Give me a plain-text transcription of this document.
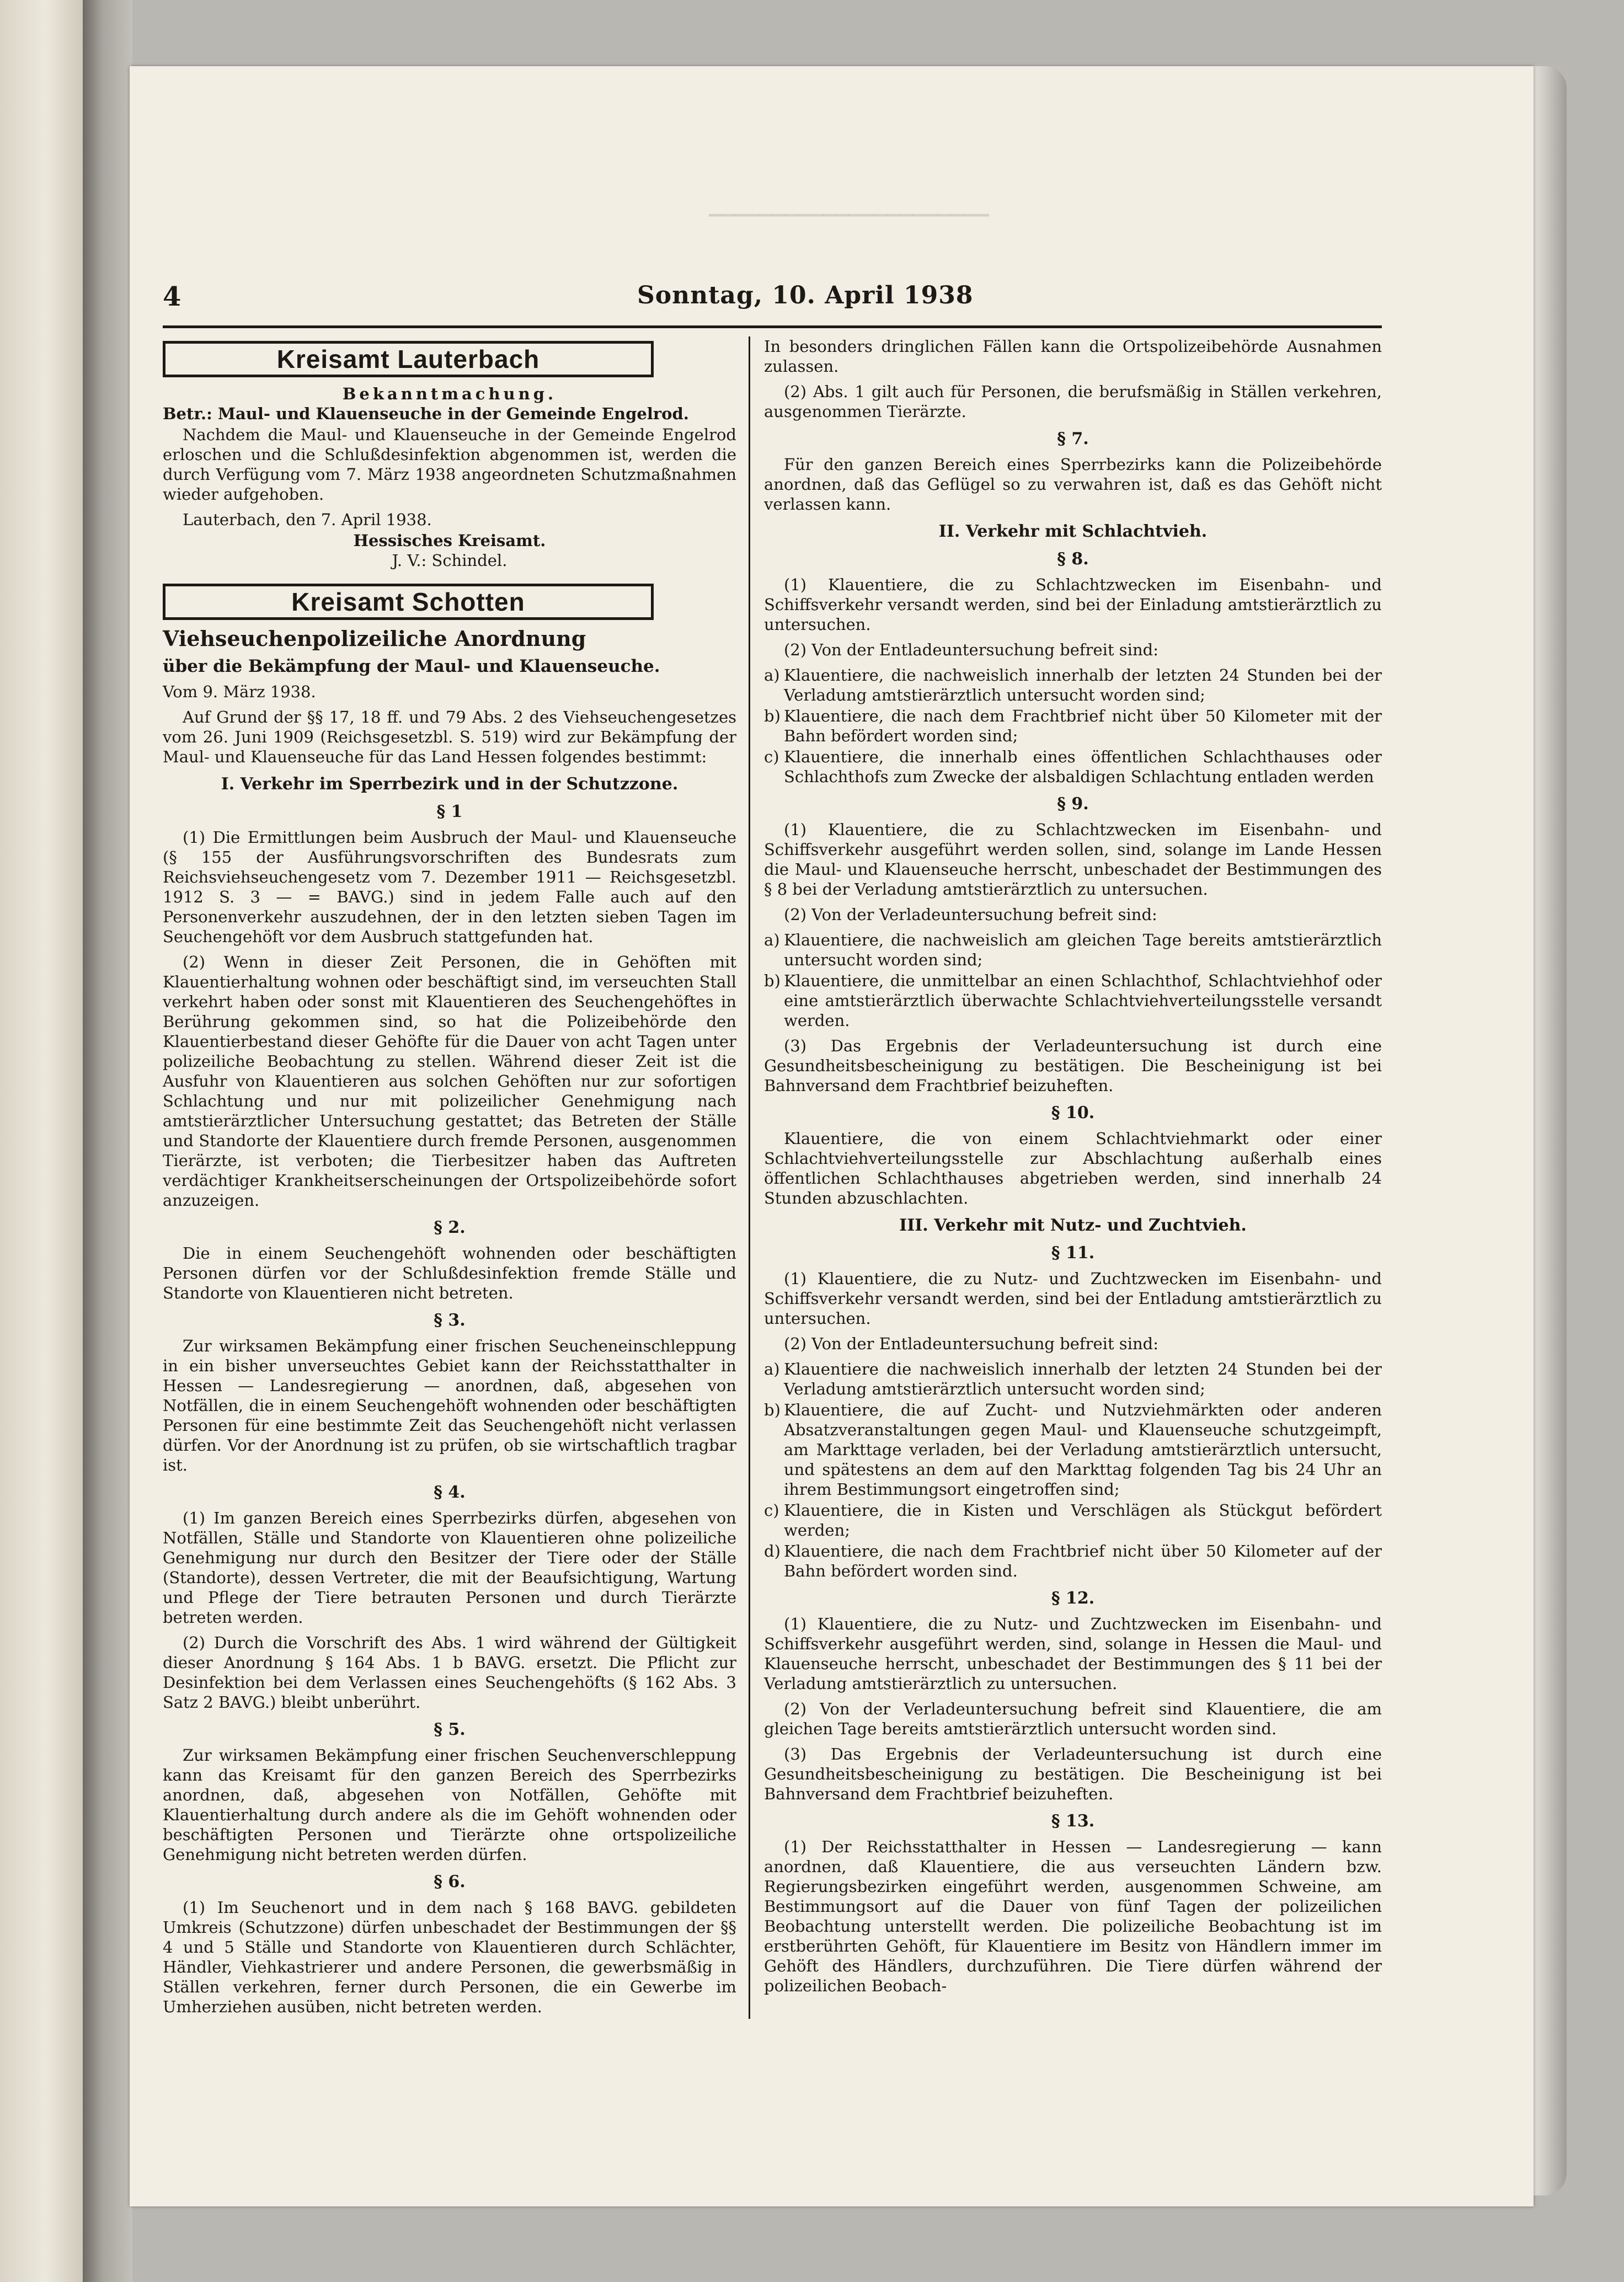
▁▁▁▁▁▁▁▁▁▁▁▁▁▁▁▁▁▁▁▁▁▁
4	Sonntag, 10. April 1938
Kreisamt Lauterbach
Bekanntmachung.
Betr.: Maul- und Klauenseuche in der Gemeinde Engelrod.
Nachdem die Maul- und Klauenseuche in der Gemeinde Engelrod erloschen und die Schlußdesinfektion abgenommen ist, werden die durch Verfügung vom 7. März 1938 angeordneten Schutzmaßnahmen wieder aufgehoben.
Lauterbach, den 7. April 1938.
Hessisches Kreisamt.
J. V.: Schindel.
Kreisamt Schotten
Viehseuchenpolizeiliche Anordnung
über die Bekämpfung der Maul- und Klauenseuche.
Vom 9. März 1938.
Auf Grund der §§ 17, 18 ff. und 79 Abs. 2 des Viehseuchengesetzes vom 26. Juni 1909 (Reichsgesetzbl. S. 519) wird zur Bekämpfung der Maul- und Klauenseuche für das Land Hessen folgendes bestimmt:
I. Verkehr im Sperrbezirk und in der Schutzzone.
§ 1
(1) Die Ermittlungen beim Ausbruch der Maul- und Klauenseuche (§ 155 der Ausführungsvorschriften des Bundesrats zum Reichsviehseuchengesetz vom 7. Dezember 1911 — Reichsgesetzbl. 1912 S. 3 — = BAVG.) sind in jedem Falle auch auf den Personenverkehr auszudehnen, der in den letzten sieben Tagen im Seuchengehöft vor dem Ausbruch stattgefunden hat.
(2) Wenn in dieser Zeit Personen, die in Gehöften mit Klauentierhaltung wohnen oder beschäftigt sind, im verseuchten Stall verkehrt haben oder sonst mit Klauentieren des Seuchengehöftes in Berührung gekommen sind, so hat die Polizeibehörde den Klauentierbestand dieser Gehöfte für die Dauer von acht Tagen unter polizeiliche Beobachtung zu stellen. Während dieser Zeit ist die Ausfuhr von Klauentieren aus solchen Gehöften nur zur sofortigen Schlachtung und nur mit polizeilicher Genehmigung nach amtstierärztlicher Untersuchung gestattet; das Betreten der Ställe und Standorte der Klauentiere durch fremde Personen, ausgenommen Tierärzte, ist verboten; die Tierbesitzer haben das Auftreten verdächtiger Krankheitserscheinungen der Ortspolizeibehörde sofort anzuzeigen.
§ 2.
Die in einem Seuchengehöft wohnenden oder beschäftigten Personen dürfen vor der Schlußdesinfektion fremde Ställe und Standorte von Klauentieren nicht betreten.
§ 3.
Zur wirksamen Bekämpfung einer frischen Seucheneinschleppung in ein bisher unverseuchtes Gebiet kann der Reichsstatthalter in Hessen — Landesregierung — anordnen, daß, abgesehen von Notfällen, die in einem Seuchengehöft wohnenden oder beschäftigten Personen für eine bestimmte Zeit das Seuchengehöft nicht verlassen dürfen. Vor der Anordnung ist zu prüfen, ob sie wirtschaftlich tragbar ist.
§ 4.
(1) Im ganzen Bereich eines Sperrbezirks dürfen, abgesehen von Notfällen, Ställe und Standorte von Klauentieren ohne polizeiliche Genehmigung nur durch den Besitzer der Tiere oder der Ställe (Standorte), dessen Vertreter, die mit der Beaufsichtigung, Wartung und Pflege der Tiere betrauten Personen und durch Tierärzte betreten werden.
(2) Durch die Vorschrift des Abs. 1 wird während der Gültigkeit dieser Anordnung § 164 Abs. 1 b BAVG. ersetzt. Die Pflicht zur Desinfektion bei dem Verlassen eines Seuchengehöfts (§ 162 Abs. 3 Satz 2 BAVG.) bleibt unberührt.
§ 5.
Zur wirksamen Bekämpfung einer frischen Seuchenverschleppung kann das Kreisamt für den ganzen Bereich des Sperrbezirks anordnen, daß, abgesehen von Notfällen, Gehöfte mit Klauentierhaltung durch andere als die im Gehöft wohnenden oder beschäftigten Personen und Tierärzte ohne ortspolizeiliche Genehmigung nicht betreten werden dürfen.
§ 6.
(1) Im Seuchenort und in dem nach § 168 BAVG. gebildeten Umkreis (Schutzzone) dürfen unbeschadet der Bestimmungen der §§ 4 und 5 Ställe und Standorte von Klauentieren durch Schlächter, Händler, Viehkastrierer und andere Personen, die gewerbsmäßig in Ställen verkehren, ferner durch Personen, die ein Gewerbe im Umherziehen ausüben, nicht betreten werden.
In besonders dringlichen Fällen kann die Ortspolizeibehörde Ausnahmen zulassen.
(2) Abs. 1 gilt auch für Personen, die berufsmäßig in Ställen verkehren, ausgenommen Tierärzte.
§ 7.
Für den ganzen Bereich eines Sperrbezirks kann die Polizeibehörde anordnen, daß das Geflügel so zu verwahren ist, daß es das Gehöft nicht verlassen kann.
II. Verkehr mit Schlachtvieh.
§ 8.
(1) Klauentiere, die zu Schlachtzwecken im Eisenbahn- und Schiffsverkehr versandt werden, sind bei der Einladung amtstierärztlich zu untersuchen.
(2) Von der Entladeuntersuchung befreit sind:
a) Klauentiere, die nachweislich innerhalb der letzten 24 Stunden bei der Verladung amtstierärztlich untersucht worden sind;
b) Klauentiere, die nach dem Frachtbrief nicht über 50 Kilometer mit der Bahn befördert worden sind;
c) Klauentiere, die innerhalb eines öffentlichen Schlachthauses oder Schlachthofs zum Zwecke der alsbaldigen Schlachtung entladen werden
§ 9.
(1) Klauentiere, die zu Schlachtzwecken im Eisenbahn- und Schiffsverkehr ausgeführt werden sollen, sind, solange im Lande Hessen die Maul- und Klauenseuche herrscht, unbeschadet der Bestimmungen des § 8 bei der Verladung amtstierärztlich zu untersuchen.
(2) Von der Verladeuntersuchung befreit sind:
a) Klauentiere, die nachweislich am gleichen Tage bereits amtstierärztlich untersucht worden sind;
b) Klauentiere, die unmittelbar an einen Schlachthof, Schlachtviehhof oder eine amtstierärztlich überwachte Schlachtviehverteilungsstelle versandt werden.
(3) Das Ergebnis der Verladeuntersuchung ist durch eine Gesundheitsbescheinigung zu bestätigen. Die Bescheinigung ist bei Bahnversand dem Frachtbrief beizuheften.
§ 10.
Klauentiere, die von einem Schlachtviehmarkt oder einer Schlachtviehverteilungsstelle zur Abschlachtung außerhalb eines öffentlichen Schlachthauses abgetrieben werden, sind innerhalb 24 Stunden abzuschlachten.
III. Verkehr mit Nutz- und Zuchtvieh.
§ 11.
(1) Klauentiere, die zu Nutz- und Zuchtzwecken im Eisenbahn- und Schiffsverkehr versandt werden, sind bei der Entladung amtstierärztlich zu untersuchen.
(2) Von der Entladeuntersuchung befreit sind:
a) Klauentiere die nachweislich innerhalb der letzten 24 Stunden bei der Verladung amtstierärztlich untersucht worden sind;
b) Klauentiere, die auf Zucht- und Nutzviehmärkten oder anderen Absatzveranstaltungen gegen Maul- und Klauenseuche schutzgeimpft, am Markttage verladen, bei der Verladung amtstierärztlich untersucht, und spätestens an dem auf den Markttag folgenden Tag bis 24 Uhr an ihrem Bestimmungsort eingetroffen sind;
c) Klauentiere, die in Kisten und Verschlägen als Stückgut befördert werden;
d) Klauentiere, die nach dem Frachtbrief nicht über 50 Kilometer auf der Bahn befördert worden sind.
§ 12.
(1) Klauentiere, die zu Nutz- und Zuchtzwecken im Eisenbahn- und Schiffsverkehr ausgeführt werden, sind, solange in Hessen die Maul- und Klauenseuche herrscht, unbeschadet der Bestimmungen des § 11 bei der Verladung amtstierärztlich zu untersuchen.
(2) Von der Verladeuntersuchung befreit sind Klauentiere, die am gleichen Tage bereits amtstierärztlich untersucht worden sind.
(3) Das Ergebnis der Verladeuntersuchung ist durch eine Gesundheitsbescheinigung zu bestätigen. Die Bescheinigung ist bei Bahnversand dem Frachtbrief beizuheften.
§ 13.
(1) Der Reichsstatthalter in Hessen — Landesregierung — kann anordnen, daß Klauentiere, die aus verseuchten Ländern bzw. Regierungsbezirken eingeführt werden, ausgenommen Schweine, am Bestimmungsort auf die Dauer von fünf Tagen der polizeilichen Beobachtung unterstellt werden. Die polizeiliche Beobachtung ist im erstberührten Gehöft, für Klauentiere im Besitz von Händlern immer im Gehöft des Händlers, durchzuführen. Die Tiere dürfen während der polizeilichen Beobach-
